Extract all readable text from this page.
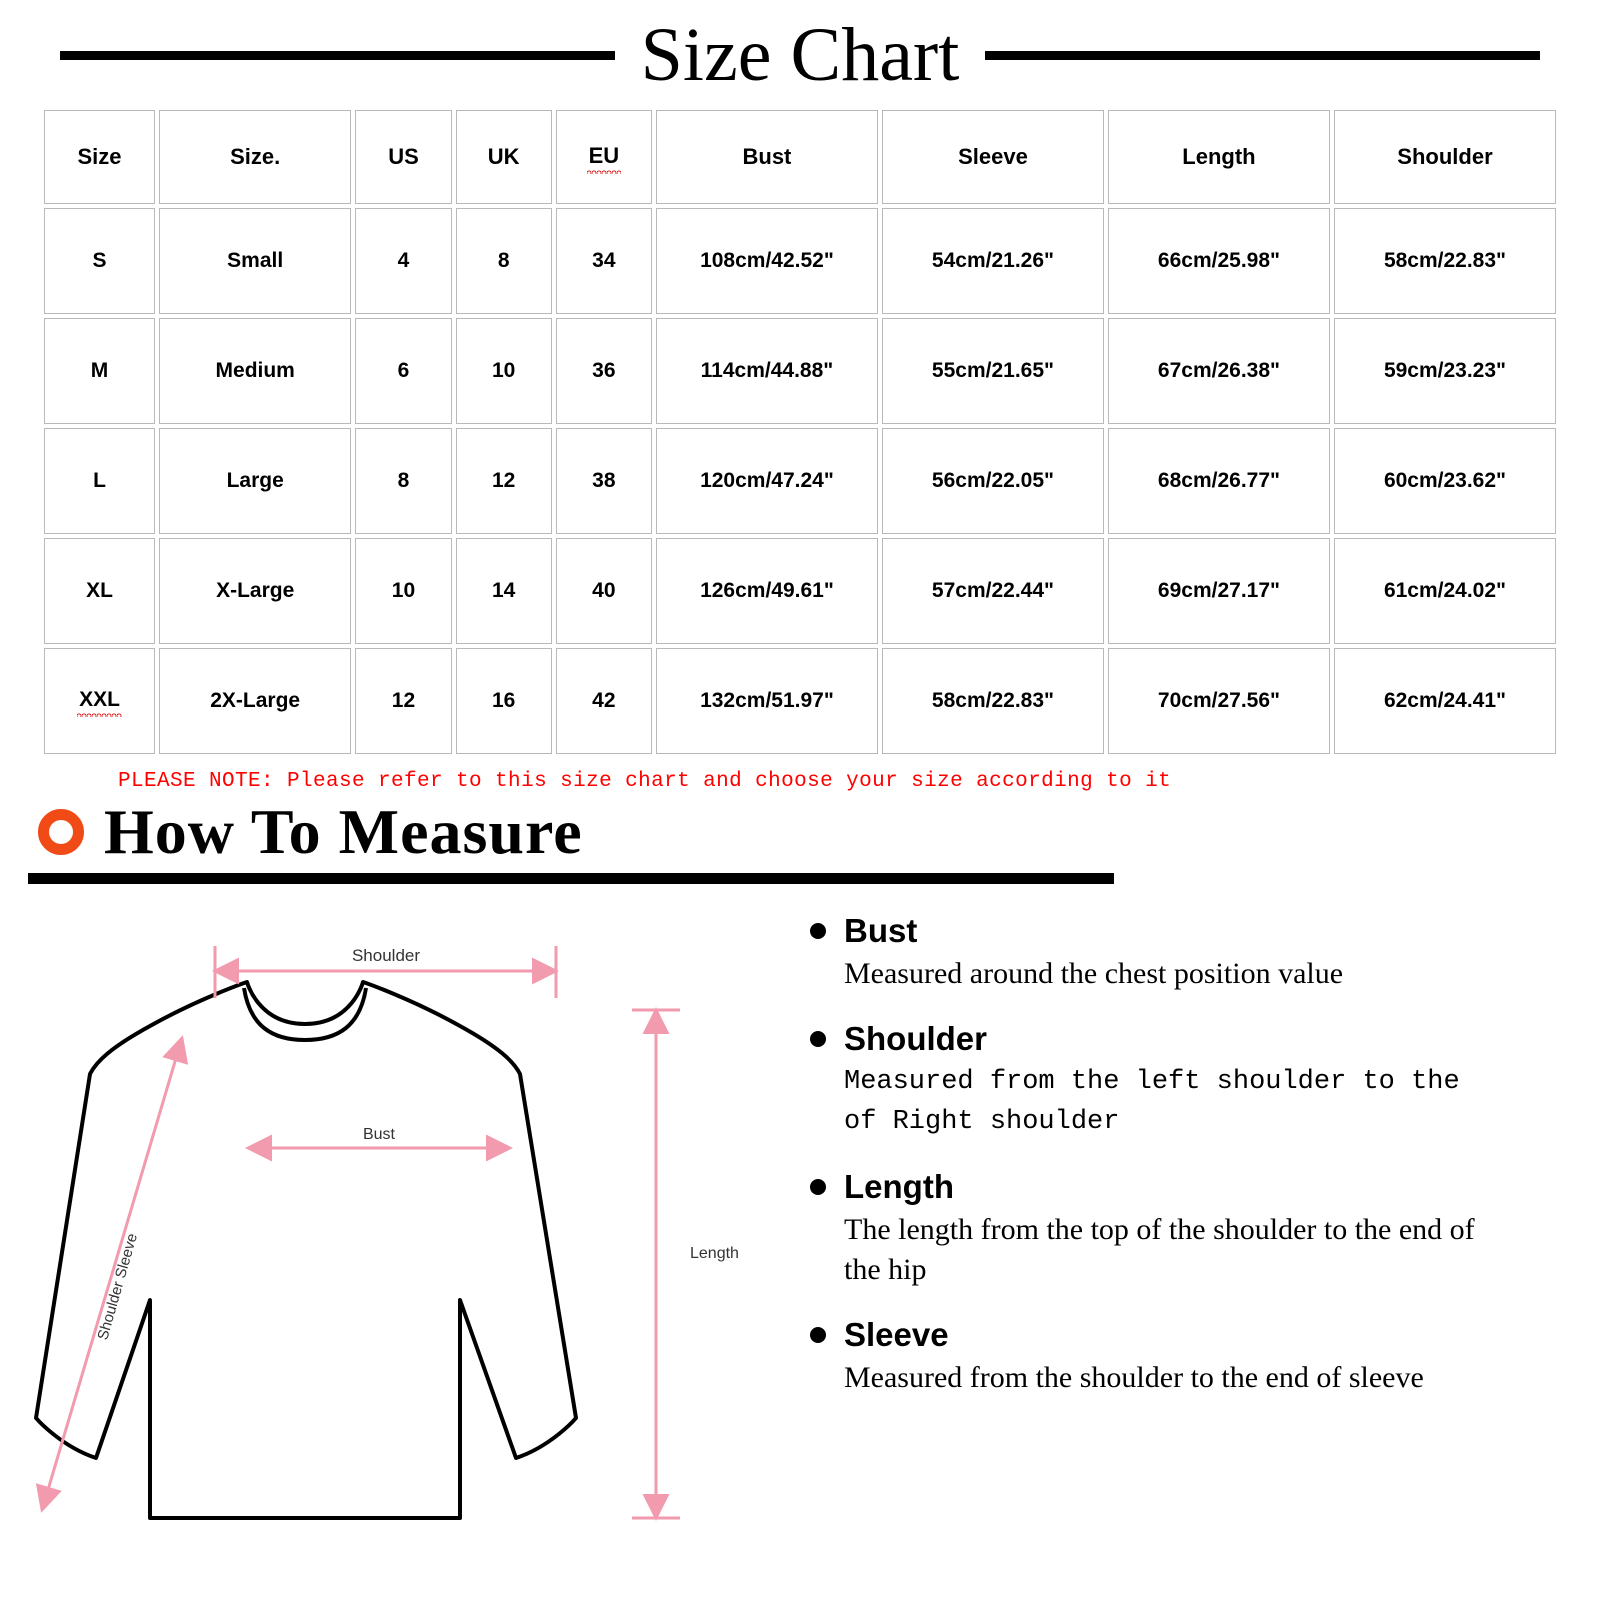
Size Chart
Size	Size.	US	UK	EU	Bust	Sleeve	Length	Shoulder
S	Small	4	8	34	108cm/42.52"	54cm/21.26"	66cm/25.98"	58cm/22.83"
M	Medium	6	10	36	114cm/44.88"	55cm/21.65"	67cm/26.38"	59cm/23.23"
L	Large	8	12	38	120cm/47.24"	56cm/22.05"	68cm/26.77"	60cm/23.62"
XL	X-Large	10	14	40	126cm/49.61"	57cm/22.44"	69cm/27.17"	61cm/24.02"
XXL	2X-Large	12	16	42	132cm/51.97"	58cm/22.83"	70cm/27.56"	62cm/24.41"
PLEASE NOTE: Please refer to this size chart and choose your size according to it
How To Measure
Shoulder
Bust
Length
Shoulder Sleeve
Bust
Measured around the chest position value
Shoulder
Measured from the left shoulder to the of Right shoulder
Length
The length from the top of the shoulder to the end of the hip
Sleeve
Measured from the shoulder to the end of sleeve
